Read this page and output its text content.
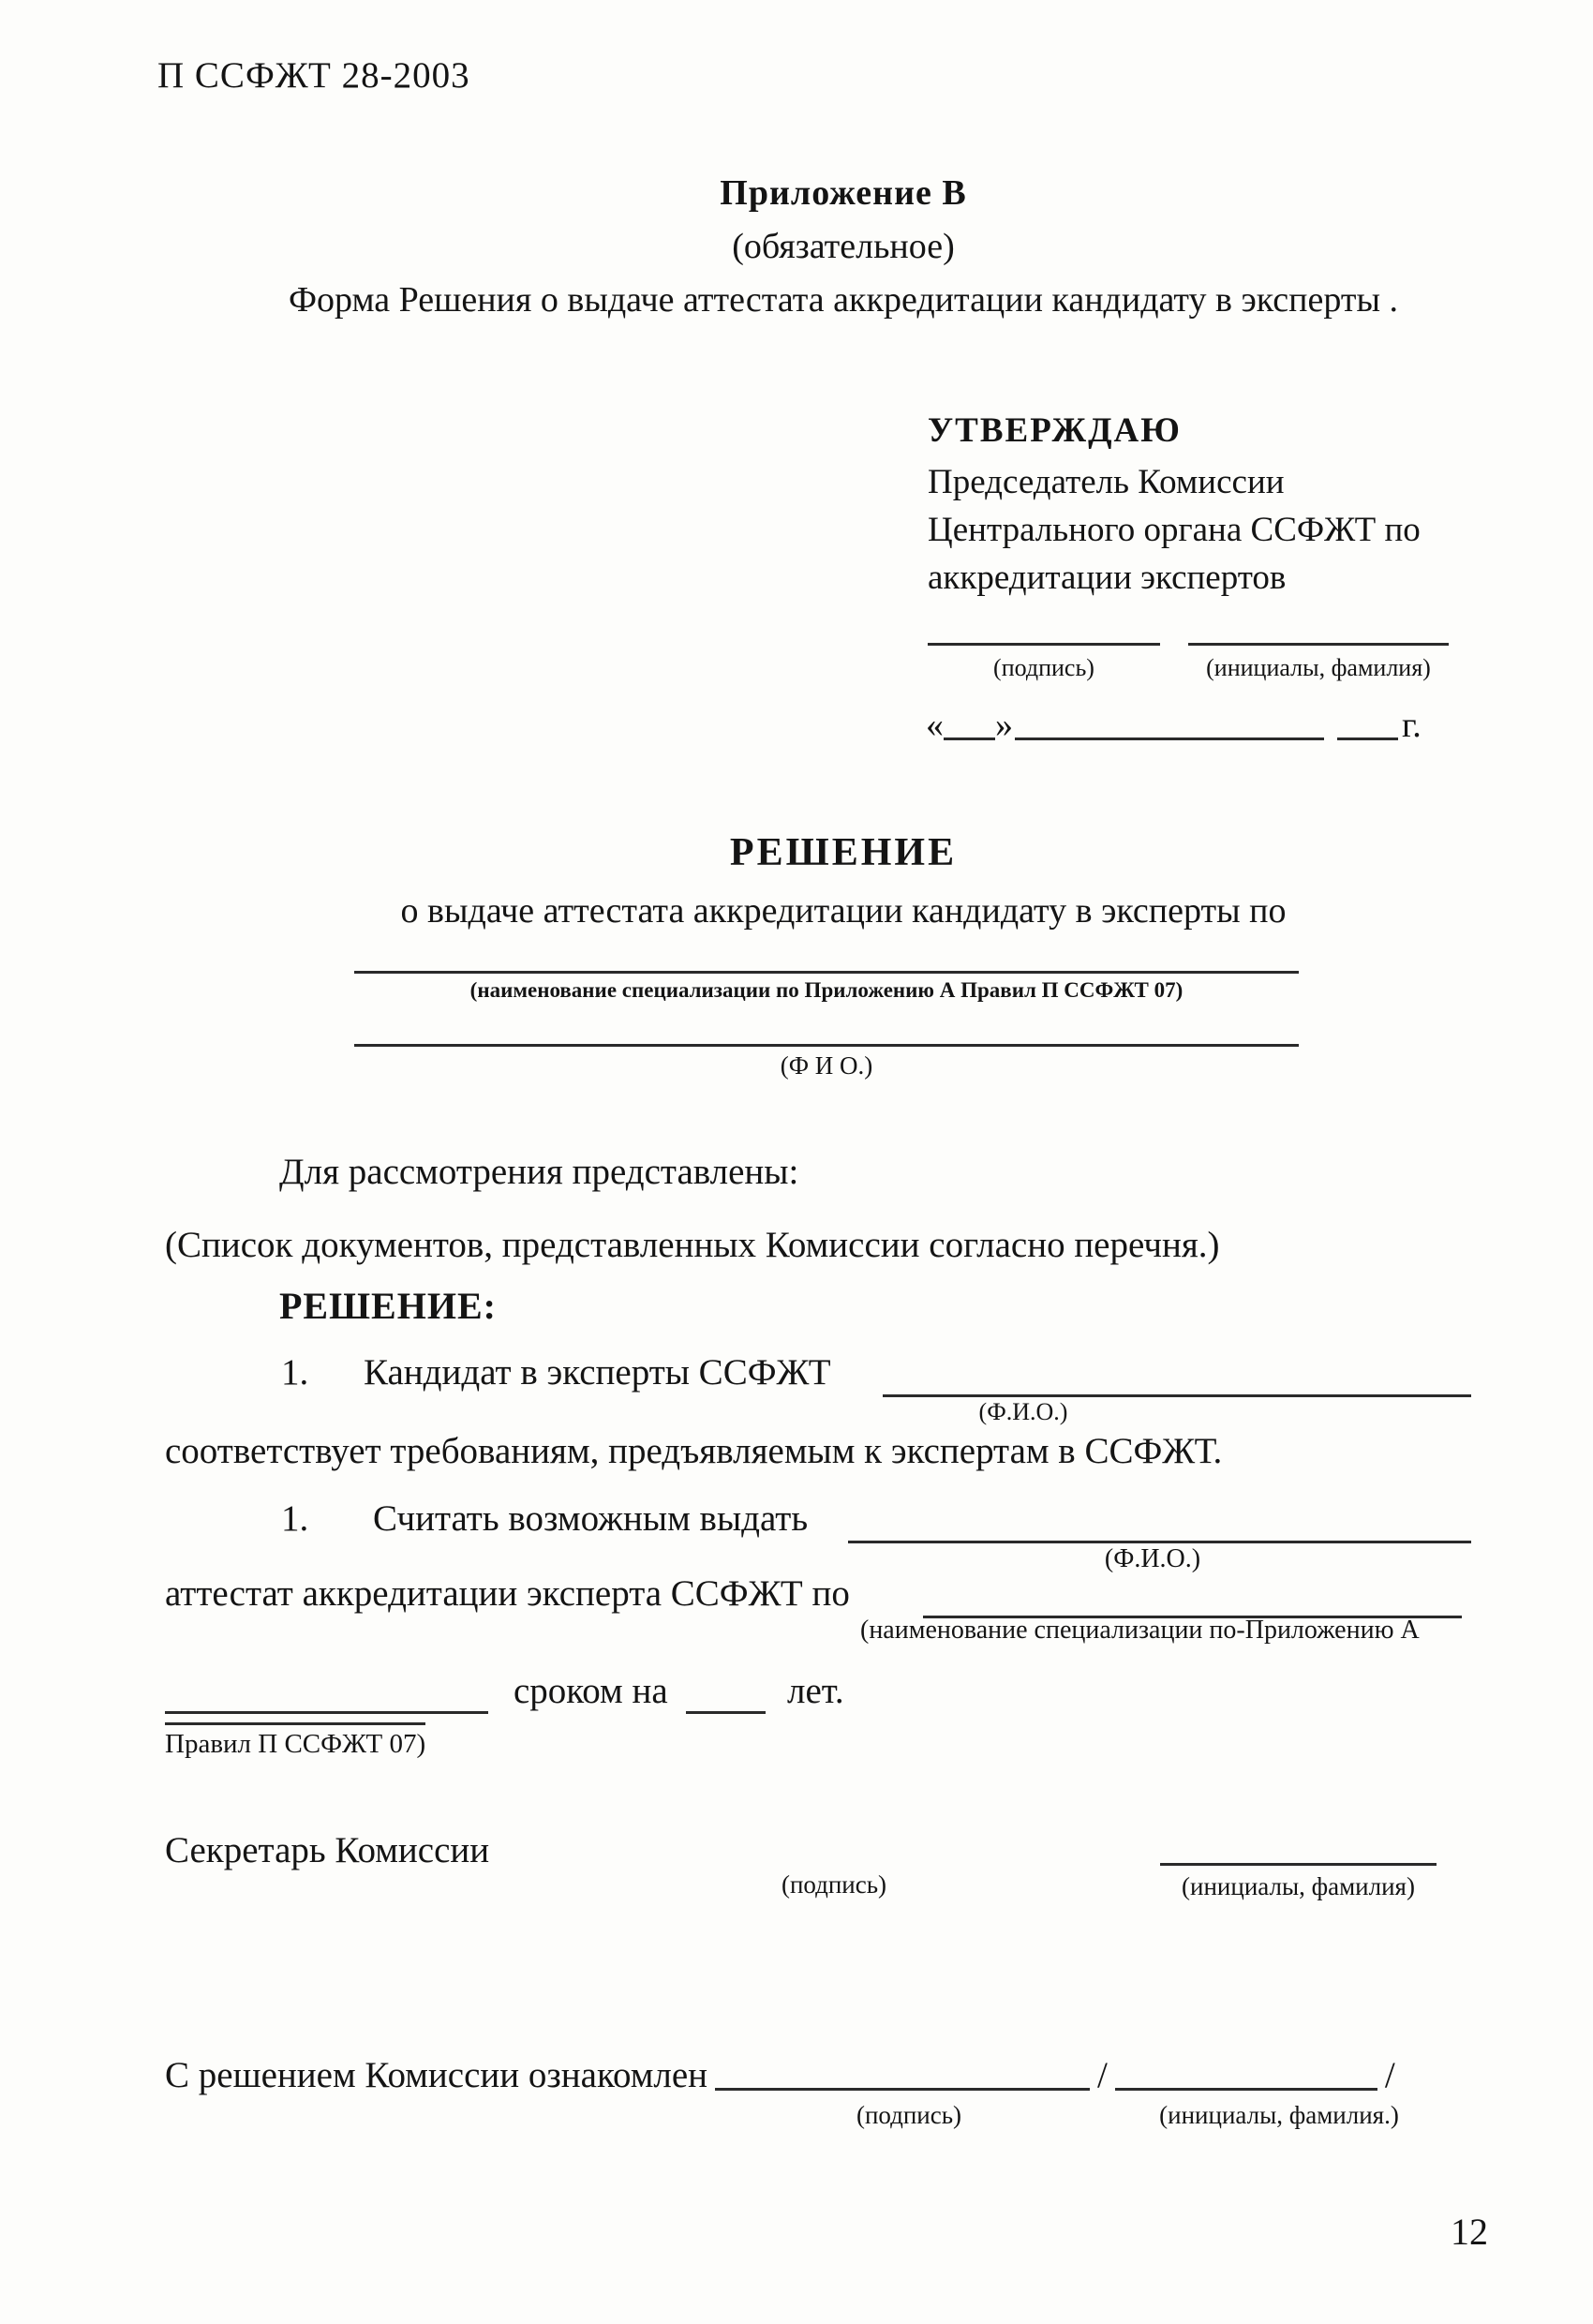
П ССФЖТ 28-2003
Приложение В
(обязательное)
Форма Решения о выдаче аттестата аккредитации кандидату в эксперты .
УТВЕРЖДАЮ
Председатель Комиссии
Центрального органа ССФЖТ по
аккредитации экспертов
(подпись)	(инициалы, фамилия)
« »	г.
РЕШЕНИЕ
о выдаче аттестата аккредитации кандидату в эксперты по
(наименование специализации по Приложению А Правил П ССФЖТ 07)
(Ф И О.)
Для рассмотрения представлены:
(Список документов, представленных Комиссии согласно перечня.)
РЕШЕНИЕ:
1. Кандидат в эксперты ССФЖТ
(Ф.И.О.)
соответствует требованиям, предъявляемым к экспертам в ССФЖТ.
1. Считать возможным выдать
(Ф.И.О.)
аттестат аккредитации эксперта ССФЖТ по
(наименование специализации по-Приложению А
сроком на	лет.
Правил П ССФЖТ 07)
Секретарь Комиссии
(подпись)	(инициалы, фамилия)
С решением Комиссии ознакомлен	/	/
(подпись)	(инициалы, фамилия.)
12
